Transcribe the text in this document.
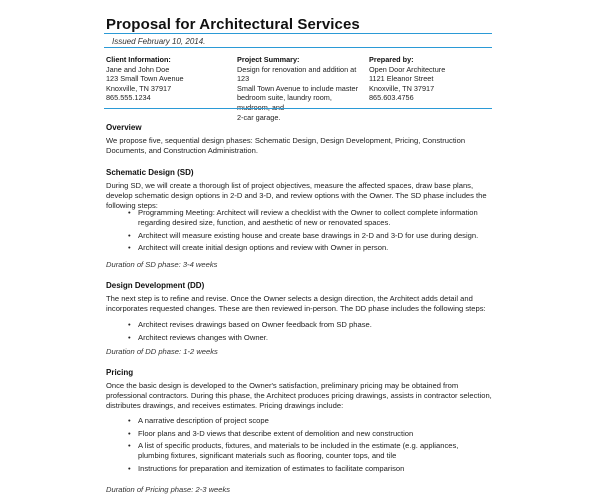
Proposal for Architectural Services
Issued February 10, 2014.
Client Information:
Jane and John Doe
123 Small Town Avenue
Knoxville, TN 37917
865.555.1234
Project Summary:
Design for renovation and addition at 123
Small Town Avenue to include master
bedroom suite, laundry room, mudroom, and
2-car garage.
Prepared by:
Open Door Architecture
1121 Eleanor Street
Knoxville, TN 37917
865.603.4756
Overview

We propose five, sequential design phases: Schematic Design, Design Development, Pricing, Construction Documents, and Construction Administration.

Schematic Design (SD)

During SD, we will create a thorough list of project objectives, measure the affected spaces, draw base plans, develop schematic design options in 2-D and 3-D, and review options with the Owner. The SD phase includes the following steps:

• Programming Meeting: Architect will review a checklist with the Owner to collect complete information regarding desired size, function, and aesthetic of new or renovated spaces.
• Architect will measure existing house and create base drawings in 2-D and 3-D for use during design.
• Architect will create initial design options and review with Owner in person.
Duration of SD phase: 3-4 weeks
Design Development (DD)

The next step is to refine and revise. Once the Owner selects a design direction, the Architect adds detail and incorporates requested changes. These are then reviewed in-person. The DD phase includes the following steps:

• Architect revises drawings based on Owner feedback from SD phase.
• Architect reviews changes with Owner.
Duration of DD phase: 1-2 weeks
Pricing

Once the basic design is developed to the Owner's satisfaction, preliminary pricing may be obtained from professional contractors. During this phase, the Architect produces pricing drawings, assists in contractor selection, distributes drawings, and receives estimates. Pricing drawings include:

• A narrative description of project scope
• Floor plans and 3-D views that describe extent of demolition and new construction
• A list of specific products, fixtures, and materials to be included in the estimate (e.g. appliances, plumbing fixtures, significant materials such as flooring, counter tops, and tile
• Instructions for preparation and itemization of estimates to facilitate comparison
Duration of Pricing phase: 2-3 weeks
